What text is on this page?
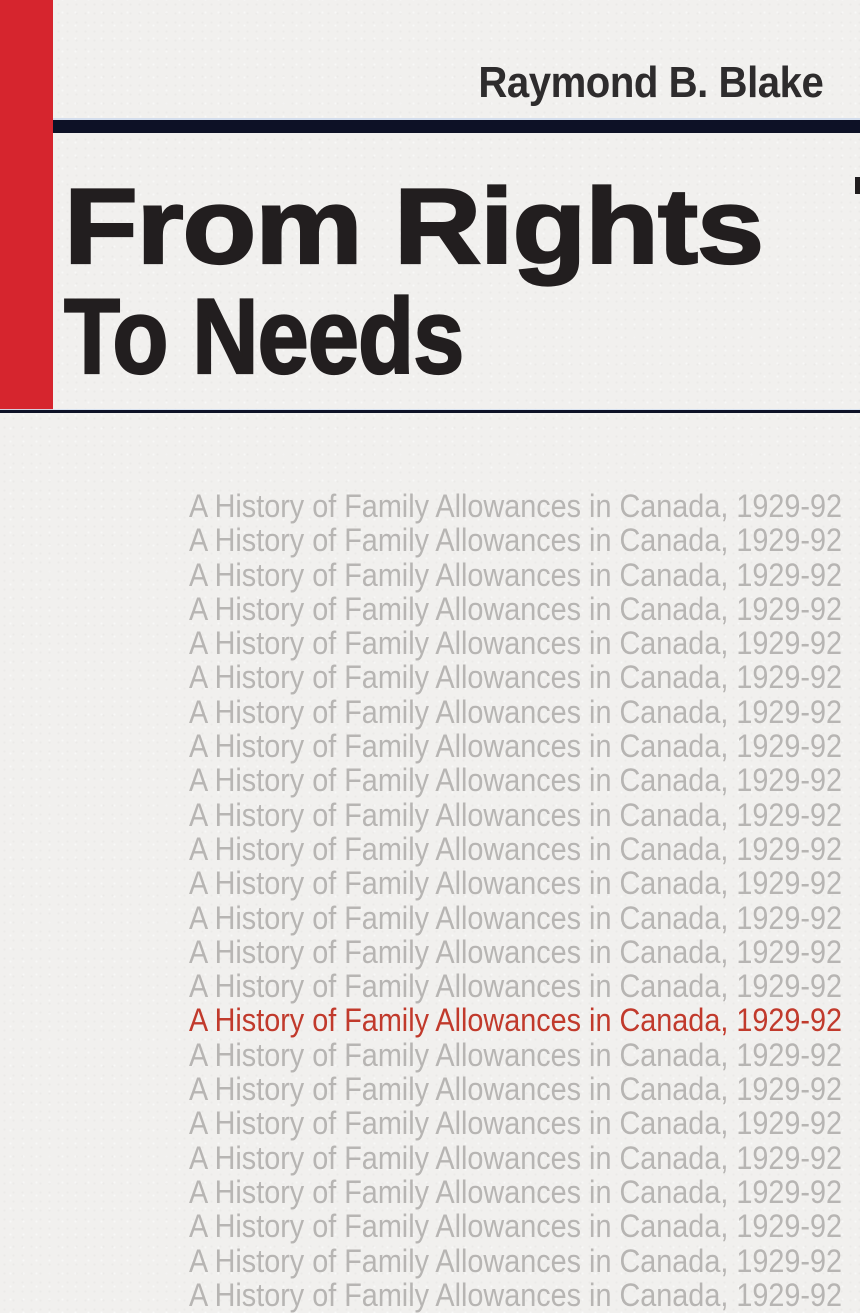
Raymond B. Blake
From Rights
To Needs
A History of Family Allowances in Canada, 1929-92
A History of Family Allowances in Canada, 1929-92
A History of Family Allowances in Canada, 1929-92
A History of Family Allowances in Canada, 1929-92
A History of Family Allowances in Canada, 1929-92
A History of Family Allowances in Canada, 1929-92
A History of Family Allowances in Canada, 1929-92
A History of Family Allowances in Canada, 1929-92
A History of Family Allowances in Canada, 1929-92
A History of Family Allowances in Canada, 1929-92
A History of Family Allowances in Canada, 1929-92
A History of Family Allowances in Canada, 1929-92
A History of Family Allowances in Canada, 1929-92
A History of Family Allowances in Canada, 1929-92
A History of Family Allowances in Canada, 1929-92
A History of Family Allowances in Canada, 1929-92
A History of Family Allowances in Canada, 1929-92
A History of Family Allowances in Canada, 1929-92
A History of Family Allowances in Canada, 1929-92
A History of Family Allowances in Canada, 1929-92
A History of Family Allowances in Canada, 1929-92
A History of Family Allowances in Canada, 1929-92
A History of Family Allowances in Canada, 1929-92
A History of Family Allowances in Canada, 1929-92
